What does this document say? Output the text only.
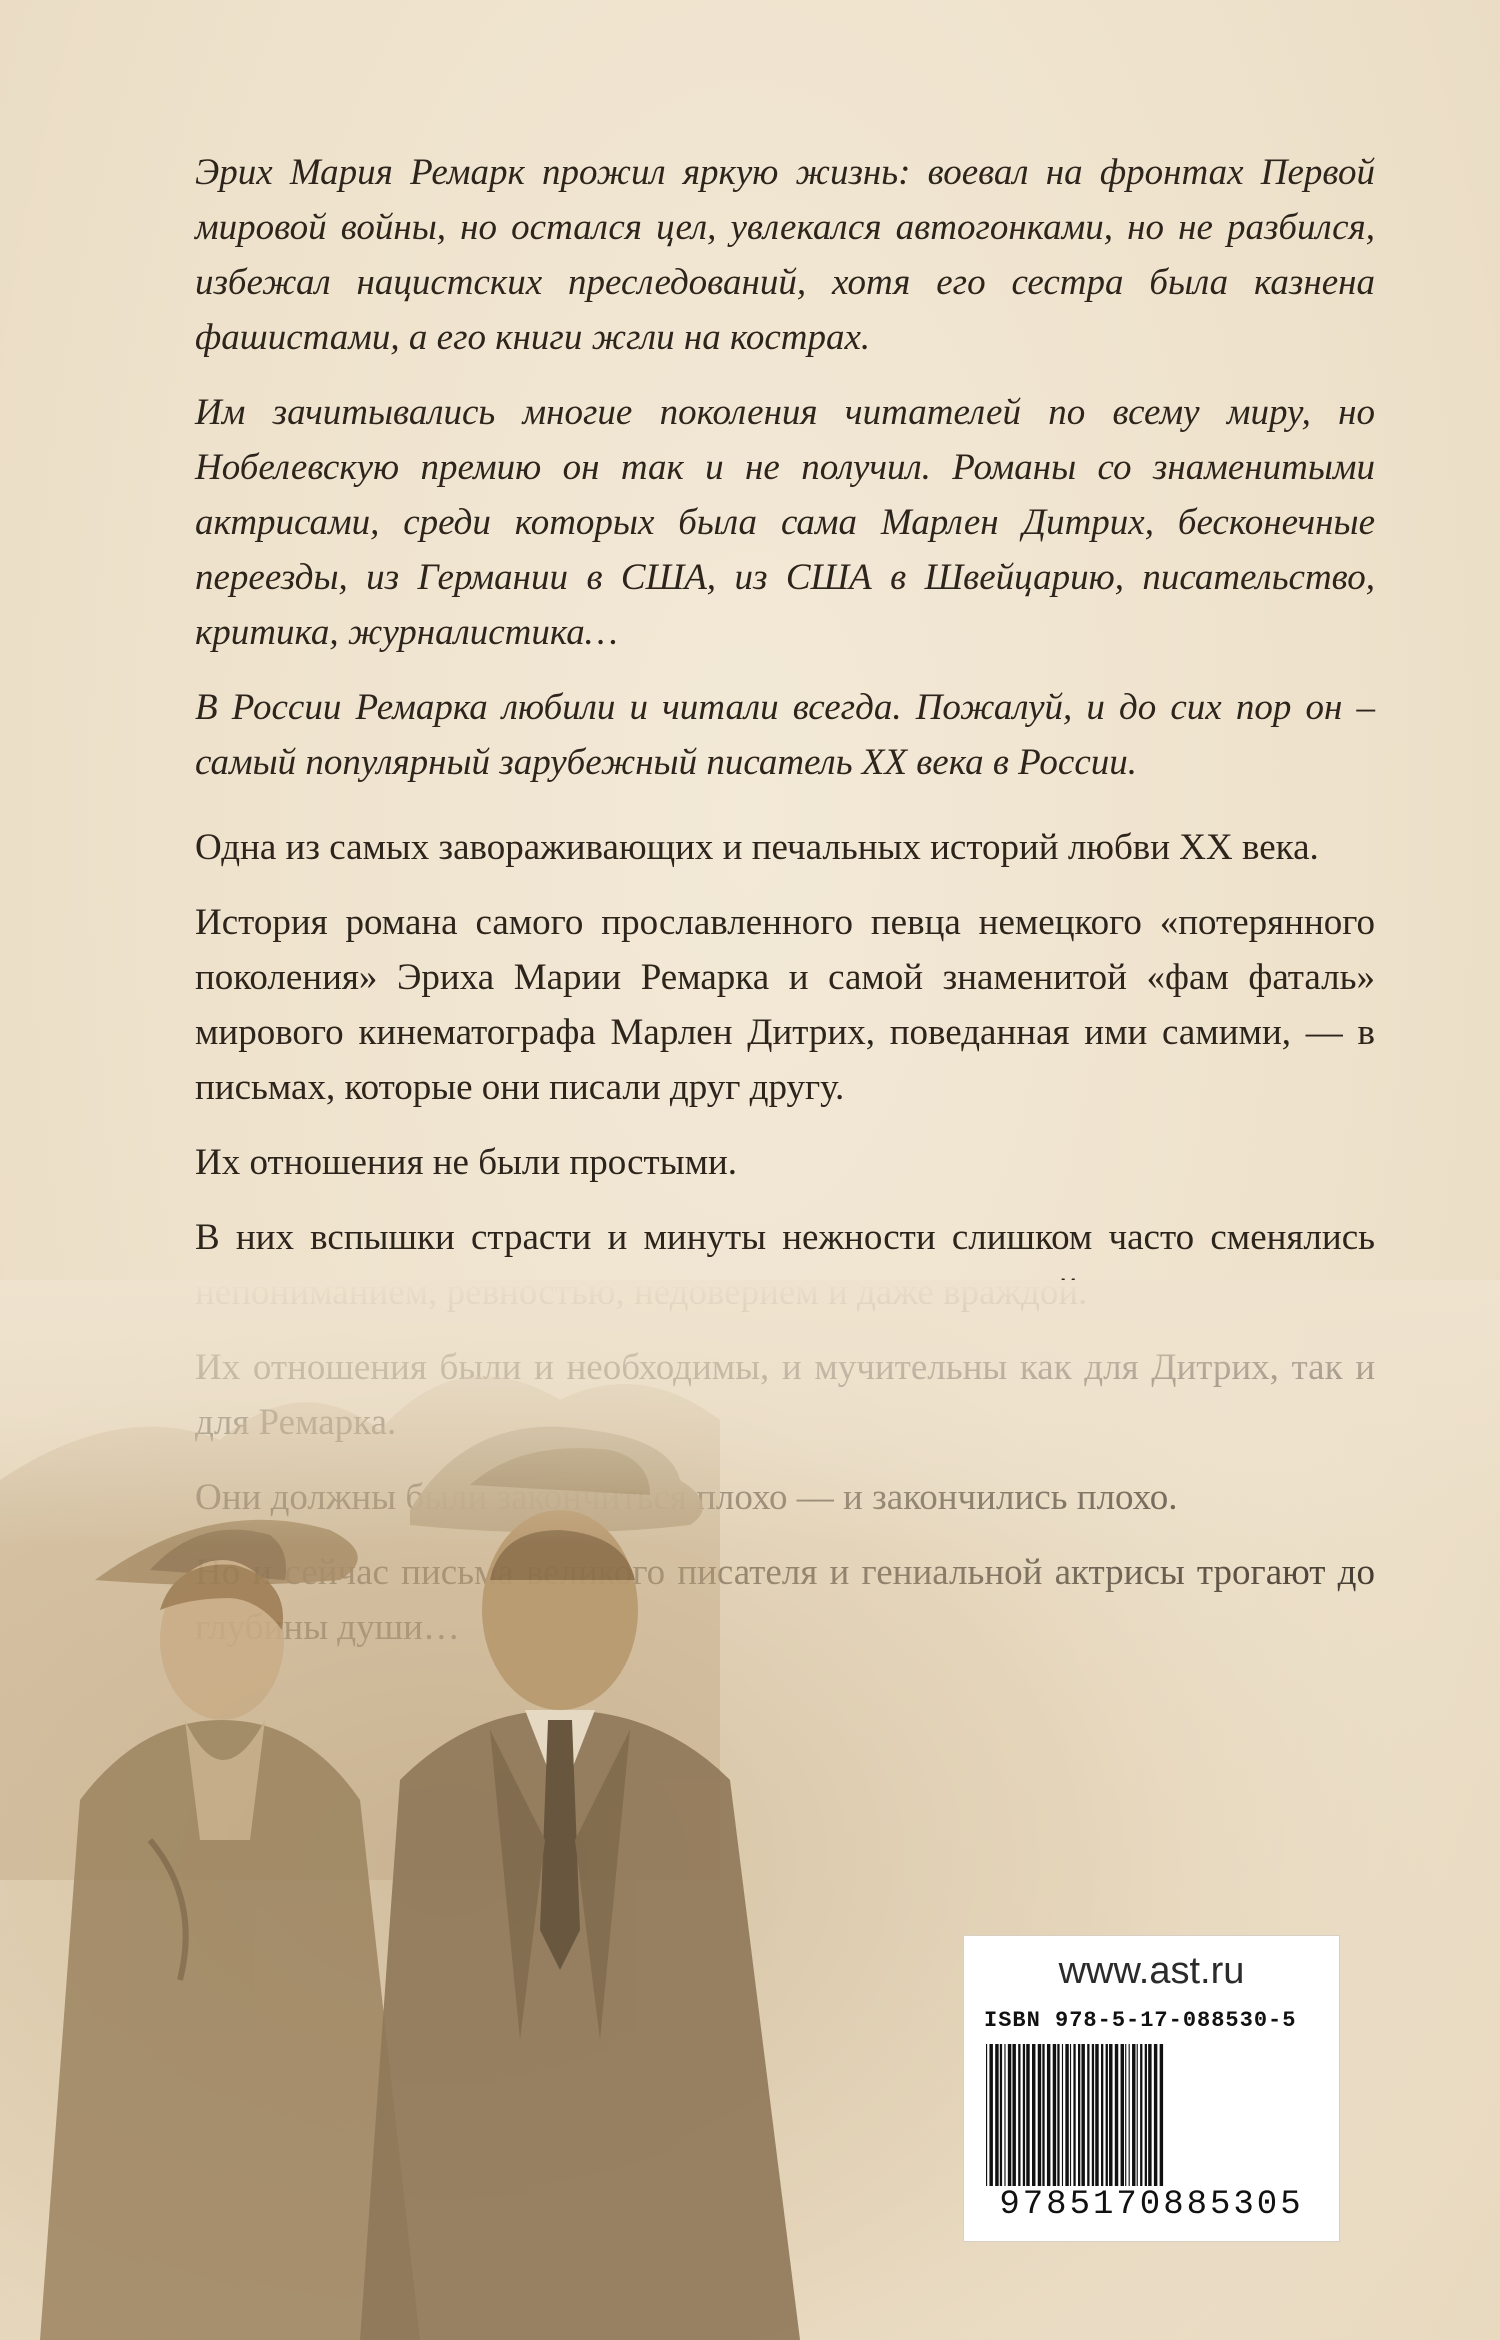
Эрих Мария Ремарк прожил яркую жизнь: воевал на фронтах Первой мировой войны, но остался цел, увлекался автогонками, но не разбился, избежал нацистских преследований, хотя его сестра была казнена фашистами, а его книги жгли на кострах.

Им зачитывались многие поколения читателей по всему миру, но Нобелевскую премию он так и не получил. Романы со знаменитыми актрисами, среди которых была сама Марлен Дитрих, бесконечные переезды, из Германии в США, из США в Швейцарию, писательство, критика, журналистика…

В России Ремарка любили и читали всегда. Пожалуй, и до сих пор он – самый популярный зарубежный писатель XX века в России.

Одна из самых завораживающих и печальных историй любви XX века.

История романа самого прославленного певца немецкого «потерянного поколения» Эриха Марии Ремарка и самой знаменитой «фам фаталь» мирового кинематографа Марлен Дитрих, поведанная ими самими, — в письмах, которые они писали друг другу.

Их отношения не были простыми.

В них вспышки страсти и минуты нежности слишком часто сменялись

www.ast.ru
ISBN 978-5-17-088530-5
9785170885305
